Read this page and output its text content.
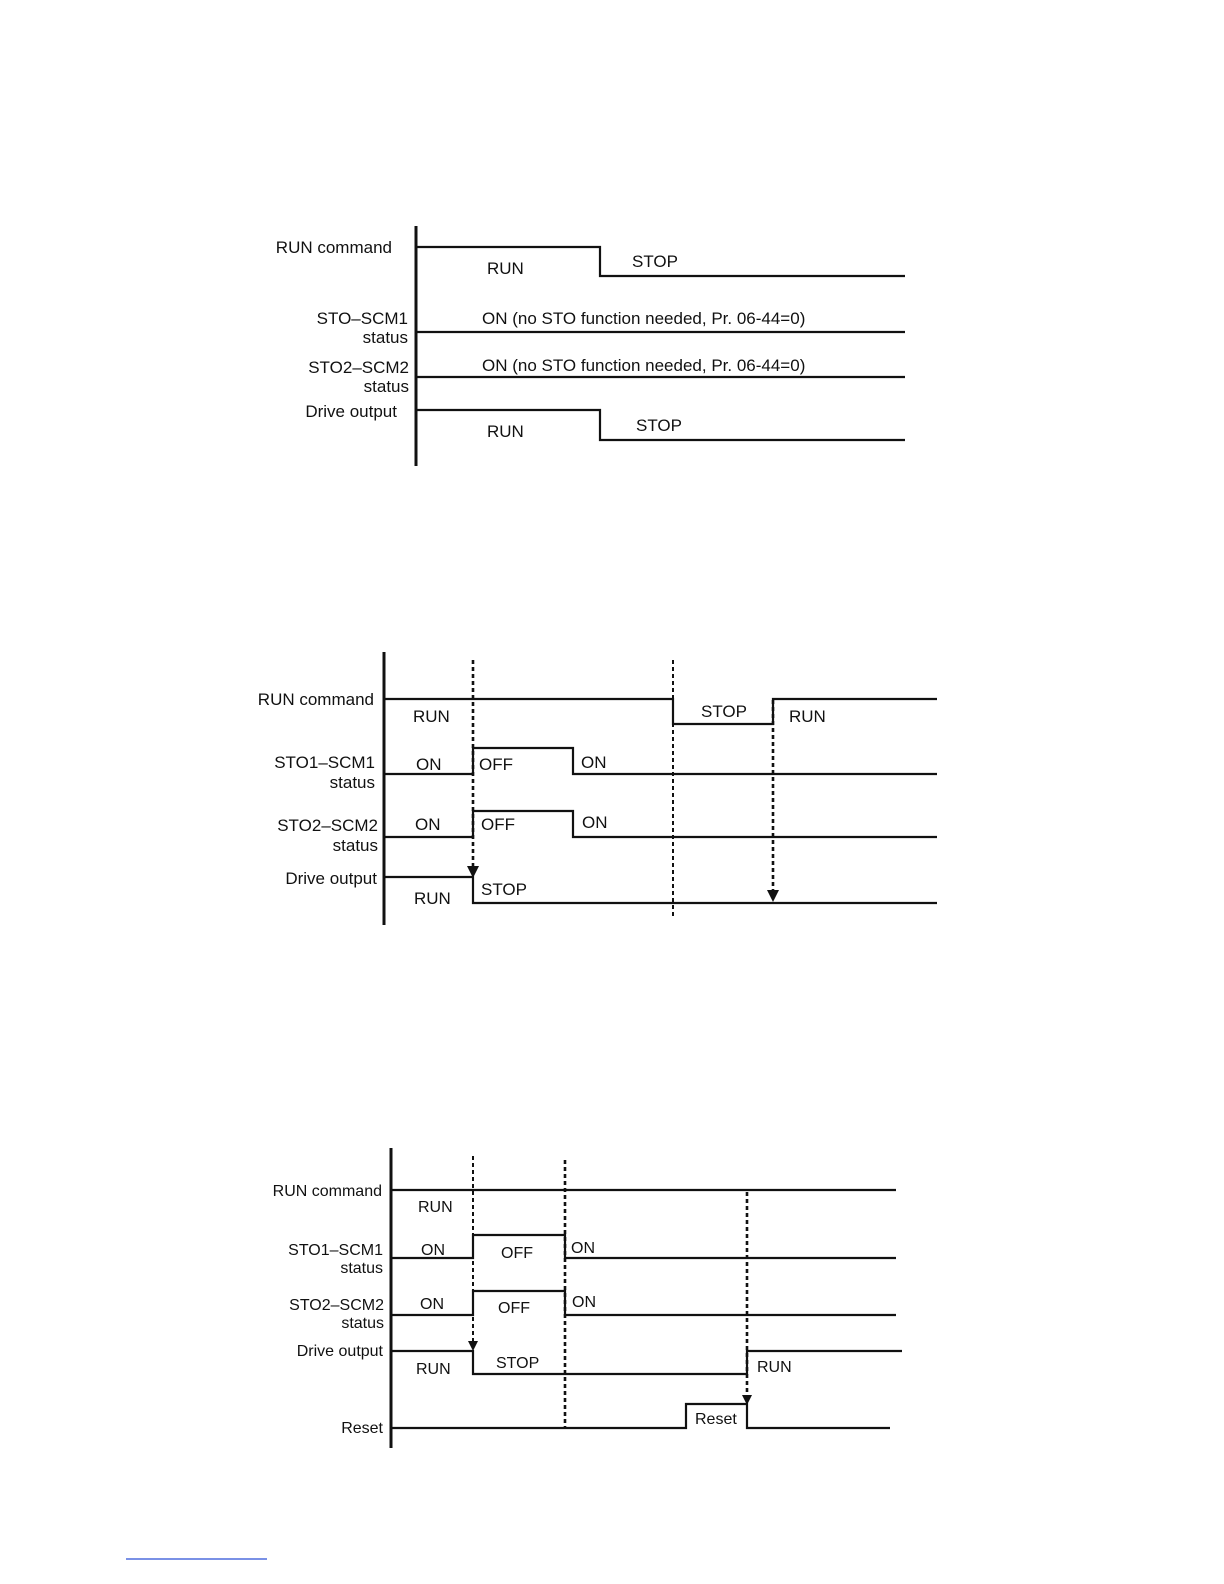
RUN command
STO–SCM1
status
STO2–SCM2
status
Drive output
RUN	STOP
ON (no STO function needed, Pr. 06-44=0)
ON (no STO function needed, Pr. 06-44=0)
RUN	STOP
RUN command
STO1–SCM1
status
STO2–SCM2
status
Drive output
RUN	STOP RUN
ON OFF	ON
ON OFF	ON
RUN STOP
RUN command
STO1–SCM1
status
STO2–SCM2
status
Drive output
Reset
RUN
ON	OFF ON
ON	OFF	ON
RUN	STOP	RUN
Reset
